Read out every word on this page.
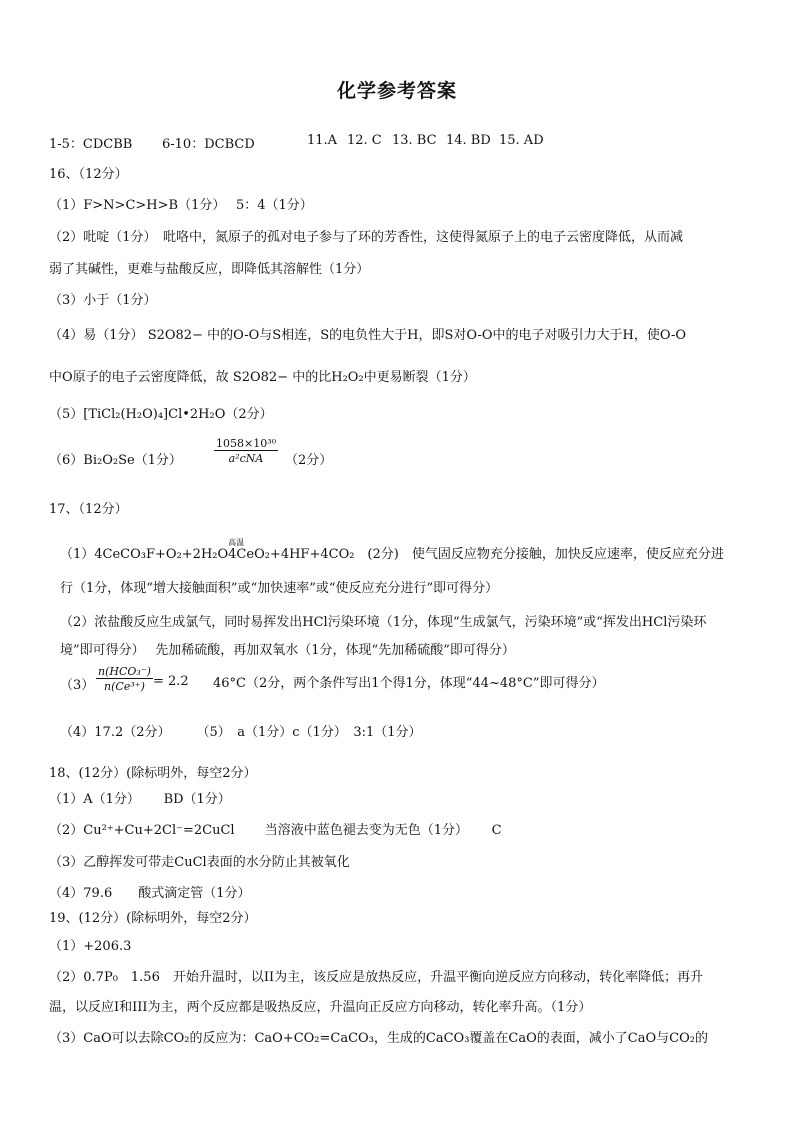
化学参考答案
1-5：CDCBB 6-10：DCBCD	11.A 12. C 13. BC 14. BD 15. AD
16、（12分）
（1）F>N>C>H>B（1分）　 5：4（1分）
（2）吡啶（1分）　吡咯中，氮原子的孤对电子参与了环的芳香性，这使得氮原子上的电子云密度降低，从而减
弱了其碱性，更难与盐酸反应，即降低其溶解性（1分）
（3）小于（1分）
（4）易（1分） S2O82− 中的O-O与S相连，S的电负性大于H，即S对O-O中的电子对吸引力大于H，使O-O
中O原子的电子云密度降低，故 S2O82− 中的比H₂O₂中更易断裂（1分）
（5）[TiCl₂(H₂O)₄]Cl•2H₂O（2分）
（6）Bi₂O₂Se（1分）
1058×10³⁰
a²cNA	（2分）
17、（12分）
（1）4CeCO₃F+O₂+2H₂O
高温
4CeO₂+4HF+4CO₂　(2分)　使气固反应物充分接触，加快反应速率，使反应充分进
行（1分，体现“增大接触面积”或“加快速率”或“使反应充分进行”即可得分）
（2）浓盐酸反应生成氯气，同时易挥发出HCl污染环境（1分，体现“生成氯气，污染环境”或“挥发出HCl污染环
境”即可得分）　 先加稀硫酸，再加双氧水（1分，体现“先加稀硫酸”即可得分）
（3）
n(HCO₃⁻)
n(Ce³⁺) = 2.2 46°C（2分，两个条件写出1个得1分，体现“44~48°C”即可得分）
（4）17.2（2分）　　　（5）　a（1分）c（1分）　3:1（1分）
18、(12分）(除标明外，每空2分）
（1）A（1分）　　 BD（1分）
（2）Cu²⁺+Cu+2Cl⁻=2CuCl　　 当溶液中蓝色褪去变为无色（1分）　　 C
（3）乙醇挥发可带走CuCl表面的水分防止其被氧化
（4）79.6　　酸式滴定管（1分）
19、(12分）(除标明外，每空2分）
（1）+206.3
（2）0.7P₀　1.56　开始升温时，以II为主，该反应是放热反应，升温平衡向逆反应方向移动，转化率降低；再升
温，以反应I和III为主，两个反应都是吸热反应，升温向正反应方向移动，转化率升高。（1分）
（3）CaO可以去除CO₂的反应为：CaO+CO₂=CaCO₃，生成的CaCO₃覆盖在CaO的表面，减小了CaO与CO₂的
